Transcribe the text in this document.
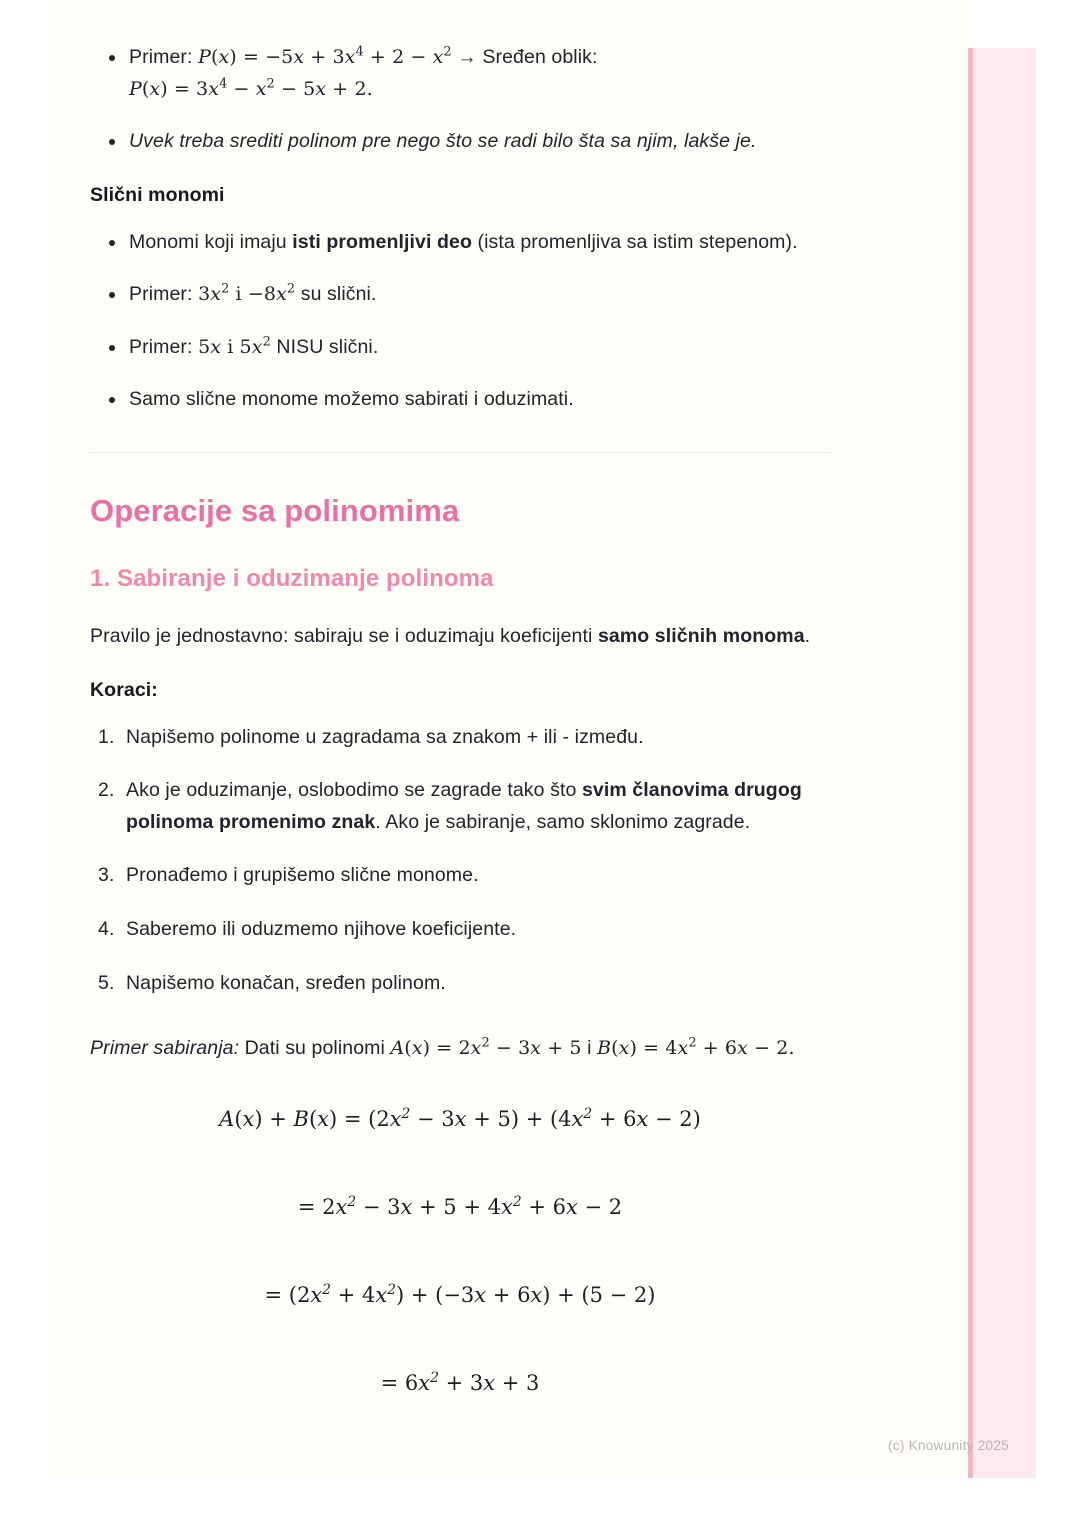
Primer: $P(x) = -5x + 3x^4 + 2 - x^2$ → Sređen oblik: $P(x) = 3x^4 - x^2 - 5x + 2$.
Uvek treba srediti polinom pre nego što se radi bilo šta sa njim, lakše je.
Slični monomi
Monomi koji imaju isti promenljivi deo (ista promenljiva sa istim stepenom).
Primer: $3x^2$ $i -8x^2$ su slični.
Primer: 5x i $5x^2$ NISU slični.
Samo slične monome možemo sabirati i oduzimati.
Operacije sa polinomima
1. Sabiranje i oduzimanje polinoma

Pravilo je jednostavno: sabiraju se i oduzimaju koeficijenti samo sličnih monoma.

Koraci:
Napišemo polinome u zagradama sa znakom + ili - između.
Ako je oduzimanje, oslobodimo se zagrade tako što svim članovima drugog polinoma promenimo znak. Ako je sabiranje, samo sklonimo zagrade.
Pronađemo i grupišemo slične monome.
Saberemo ili oduzmemo njihove koeficijente.
Napišemo konačan, sređen polinom.

Primer sabiranja: Dati su polinomi $A(x) = 2x^2 - 3x + 5$ i $B(x) = 4x^2 + 6x - 2$.

$A(x) + B(x) = (2x^2 - 3x + 5) + (4x^2 + 6x - 2)$
= $2x^2 - 3x + 5 + 4x^2 + 6x - 2$
= $(2x^2 + 4x^2) + (-3x + 6x) + (5 - 2)$
= $6x^2 + 3x + 3$
(c) Knowunity 2025
